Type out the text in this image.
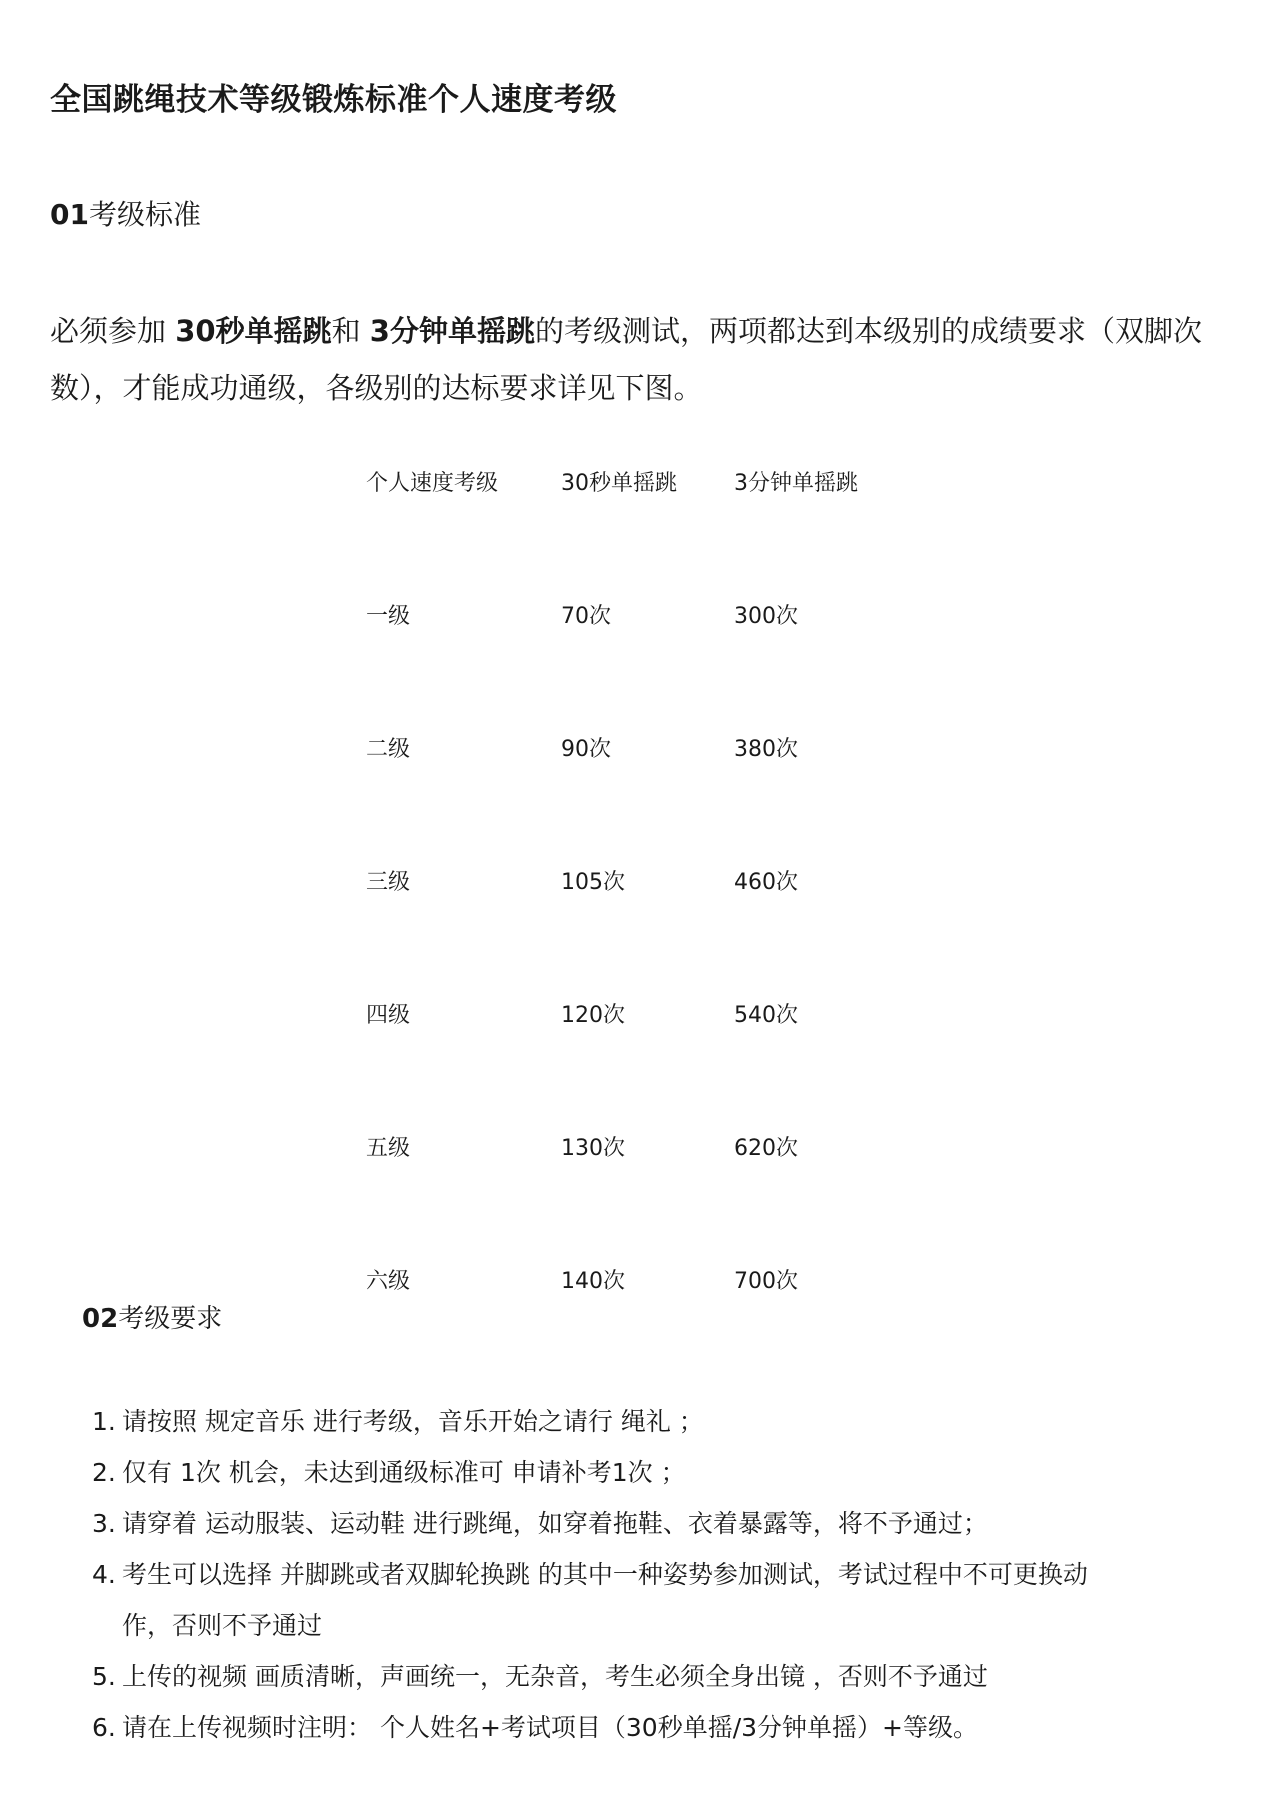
全国跳绳技术等级锻炼标准个人速度考级
01考级标准
必须参加 30秒单摇跳和 3分钟单摇跳的考级测试，两项都达到本级别的成绩要求（双脚次数），才能成功通级，各级别的达标要求详见下图。
个人速度考级	30秒单摇跳	3分钟单摇跳
一级	70次	300次
二级	90次	380次
三级	105次	460次
四级	120次	540次
五级	130次	620次
六级	140次	700次
02考级要求
1. 请按照 规定音乐 进行考级，音乐开始之请行 绳礼 ；
2. 仅有 1次 机会，未达到通级标准可 申请补考1次 ；
3. 请穿着 运动服装、运动鞋 进行跳绳，如穿着拖鞋、衣着暴露等，将不予通过；
4. 考生可以选择 并脚跳或者双脚轮换跳 的其中一种姿势参加测试，考试过程中不可更换动作，否则不予通过
5. 上传的视频 画质清晰，声画统一，无杂音，考生必须全身出镜 ，否则不予通过
6. 请在上传视频时注明： 个人姓名+考试项目（30秒单摇/3分钟单摇）+等级。
